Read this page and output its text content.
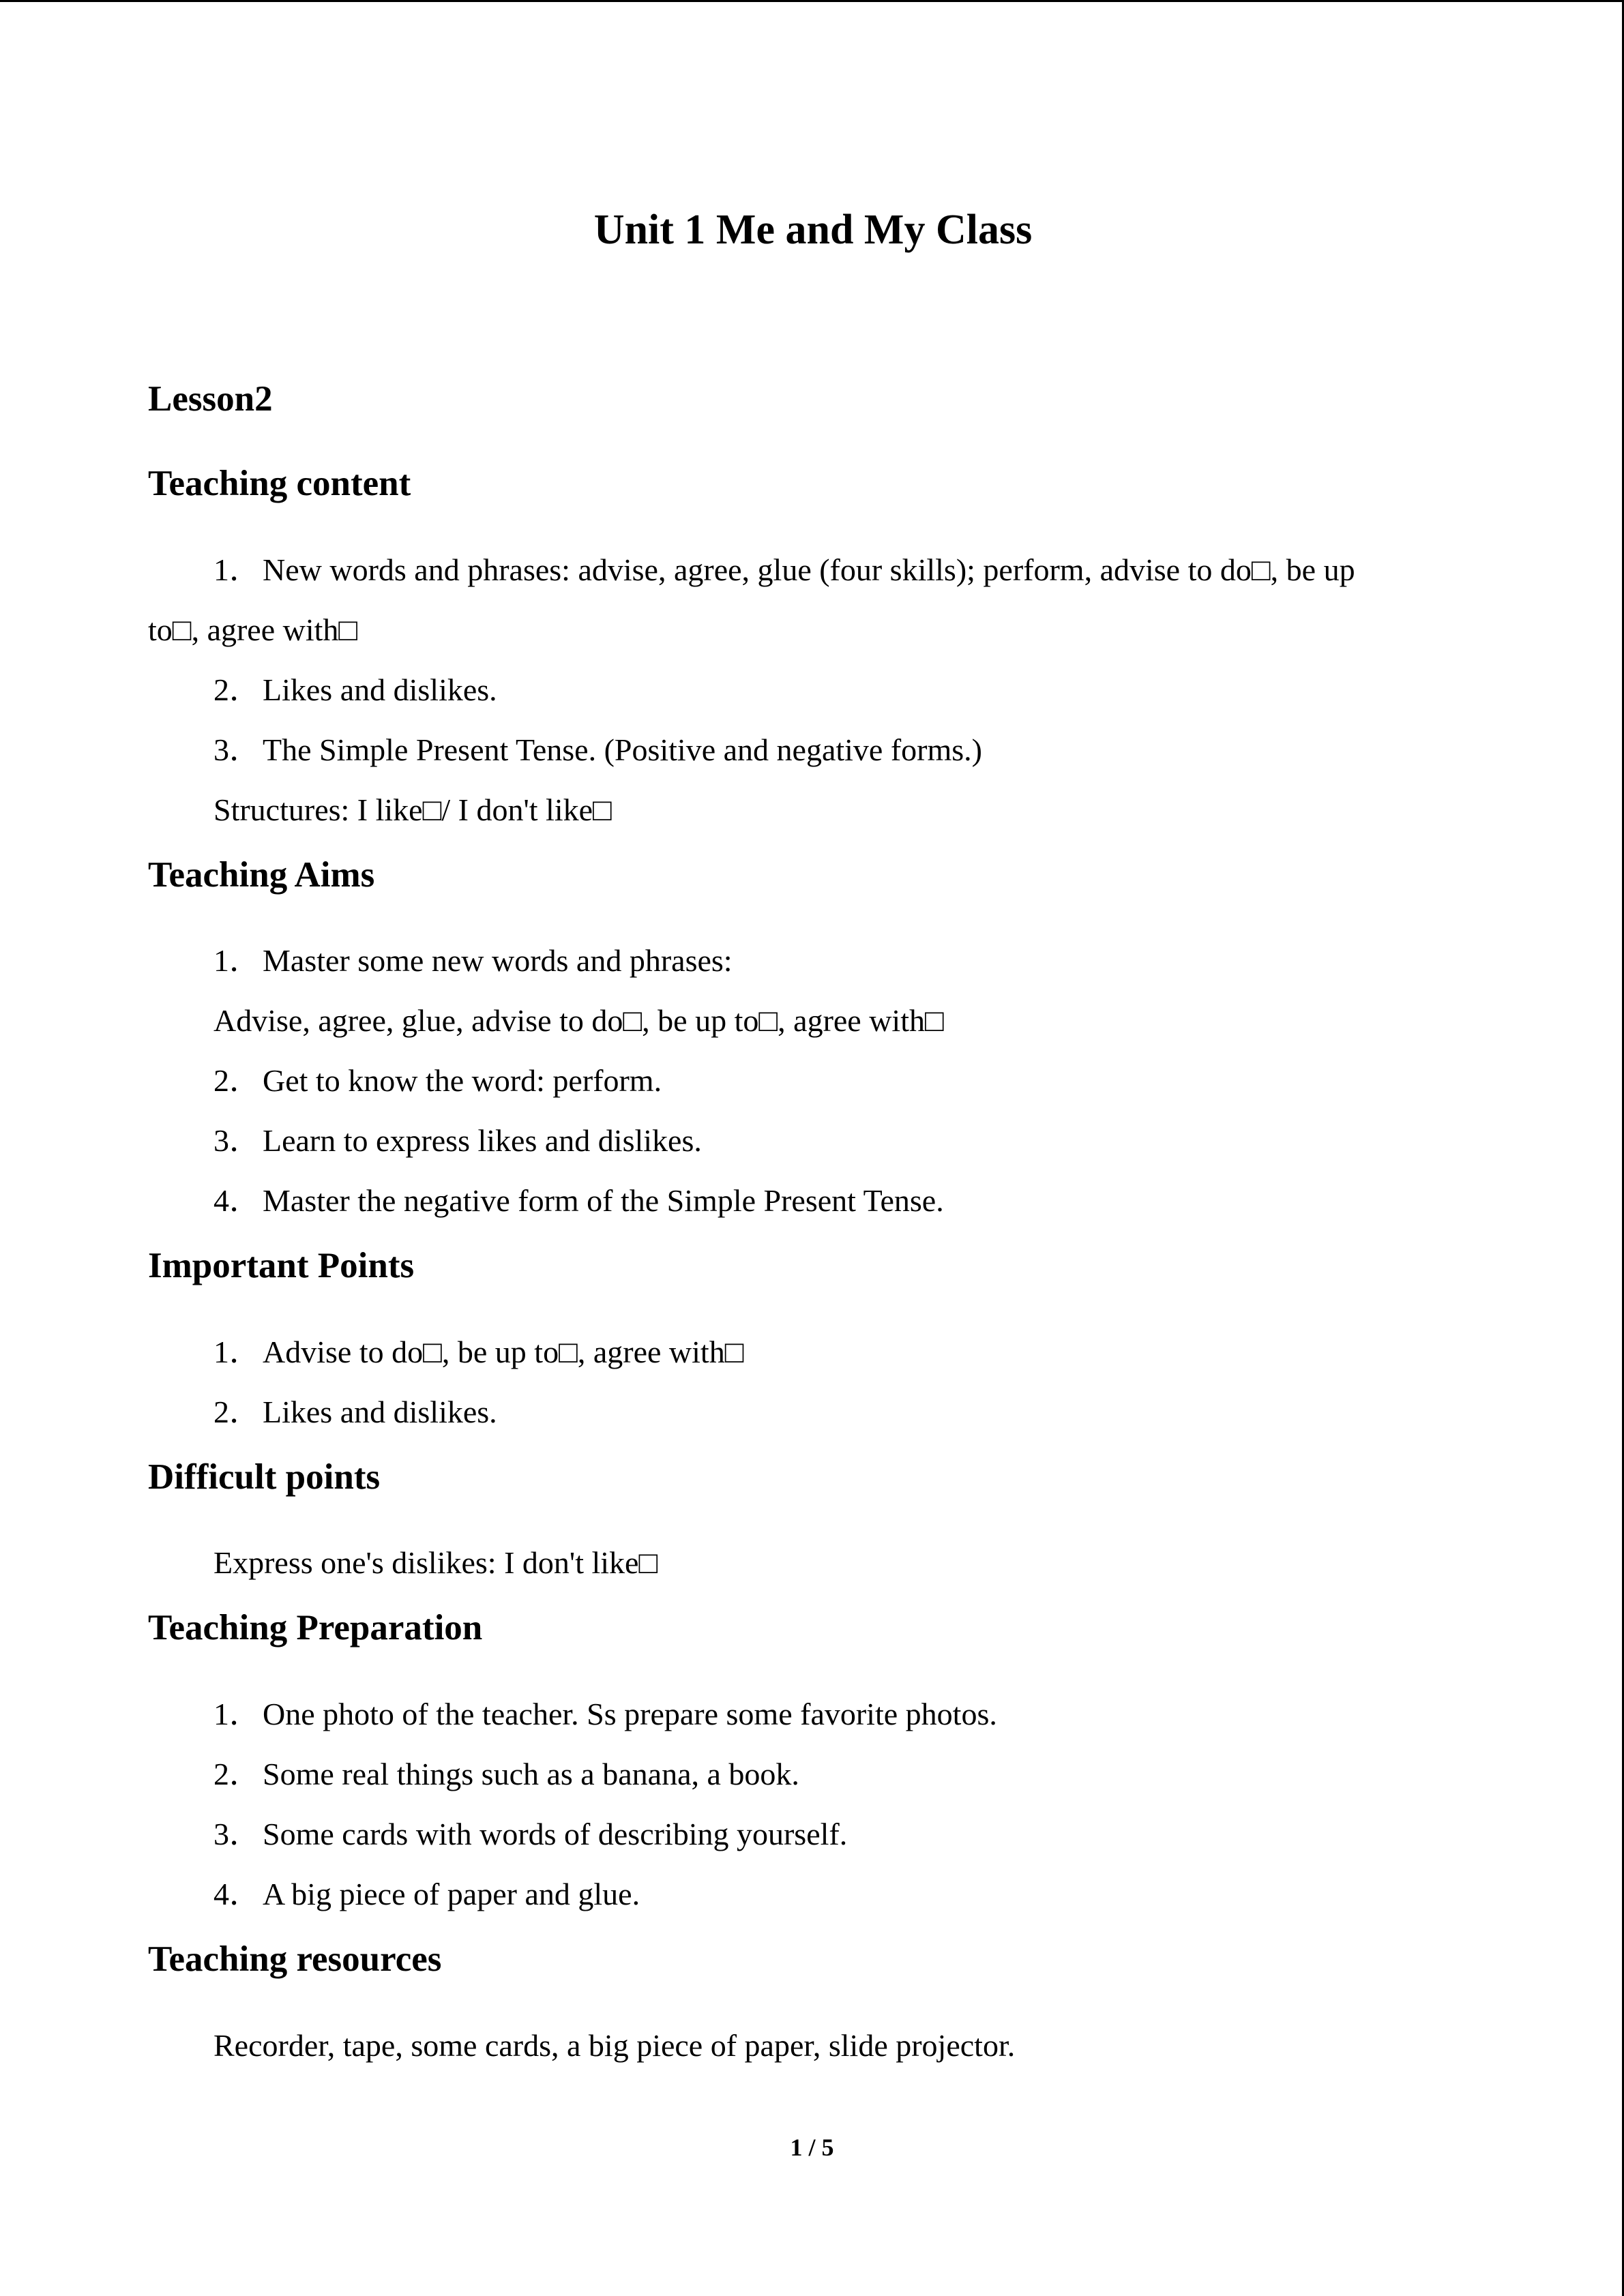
Unit 1 Me and My Class
Lesson2
Teaching content

1．New words and phrases: advise, agree, glue (four skills); perform, advise to do□, be up

to□, agree with□

2．Likes and dislikes.

3．The Simple Present Tense. (Positive and negative forms.)

Structures: I like□/ I don't like□

Teaching Aims

1．Master some new words and phrases:

Advise, agree, glue, advise to do□, be up to□, agree with□

2．Get to know the word: perform.

3．Learn to express likes and dislikes.

4．Master the negative form of the Simple Present Tense.

Important Points

1．Advise to do□, be up to□, agree with□

2．Likes and dislikes.

Difficult points

Express one's dislikes: I don't like□

Teaching Preparation

1．One photo of the teacher. Ss prepare some favorite photos.

2．Some real things such as a banana, a book.

3．Some cards with words of describing yourself.

4．A big piece of paper and glue.

Teaching resources

Recorder, tape, some cards, a big piece of paper, slide projector.

1 / 5
